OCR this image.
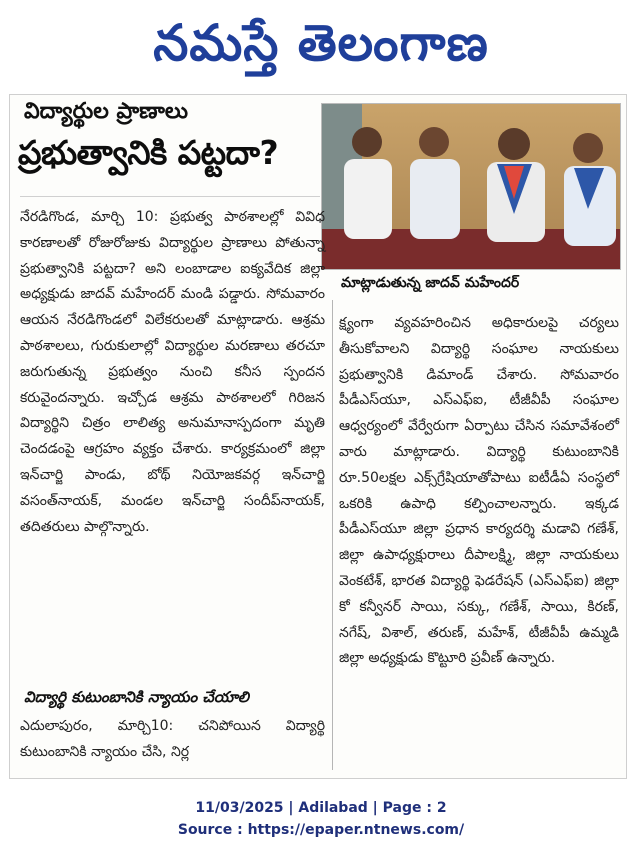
నమస్తే తెలంగాణ
విద్యార్థుల ప్రాణాలు
ప్రభుత్వానికి పట్టదా?
మాట్లాడుతున్న జాదవ్ మహేందర్

నేరడిగొండ, మార్చి 10: ప్రభుత్వ పాఠశాలల్లో వివిధ కారణాలతో రోజురోజుకు విద్యార్థుల ప్రాణాలు పోతున్నా ప్రభుత్వానికి పట్టదా? అని లంబాడాల ఐక్యవేదిక జిల్లా అధ్యక్షుడు జాదవ్ మహేందర్ మండి పడ్డారు. సోమవారం ఆయన నేరడిగొండలో విలేకరులతో మాట్లాడారు. ఆశ్రమ పాఠశాలలు, గురుకులాల్లో విద్యార్థుల మరణాలు తరచూ జరుగుతున్న ప్రభుత్వం నుంచి కనీస స్పందన కరువైందన్నారు. ఇచ్చోడ ఆశ్రమ పాఠశాలలో గిరిజన విద్యార్థిని చిత్రం లాలిత్య అనుమానాస్పదంగా మృతి చెందడంపై ఆగ్రహం వ్యక్తం చేశారు. కార్యక్రమంలో జిల్లా ఇన్‌చార్జి పాండు, బోథ్ నియోజకవర్గ ఇన్‌చార్జి వసంత్‌నాయక్, మండల ఇన్‌చార్జి సందీప్‌నాయక్, తదితరులు పాల్గొన్నారు.

విద్యార్థి కుటుంబానికి న్యాయం చేయాలి

ఎదులాపురం, మార్చి10: చనిపోయిన విద్యార్థి కుటుంబానికి న్యాయం చేసి, నిర్ల

క్ష్యంగా వ్యవహరించిన అధికారులపై చర్యలు తీసుకోవాలని విద్యార్థి సంఘాల నాయకులు ప్రభుత్వానికి డిమాండ్ చేశారు. సోమవారం పీడీఎస్‌యూ, ఎస్ఎఫ్ఐ, టీజీవీపీ సంఘాల ఆధ్వర్యంలో వేర్వేరుగా ఏర్పాటు చేసిన సమావేశంలో వారు మాట్లాడారు. విద్యార్థి కుటుంబానికి రూ.50లక్షల ఎక్స్‌గ్రేషియాతోపాటు ఐటీడీఏ సంస్థలో ఒకరికి ఉపాధి కల్పించాలన్నారు. ఇక్కడ పీడీఎస్‌యూ జిల్లా ప్రధాన కార్యదర్శి మడావి గణేశ్, జిల్లా ఉపాధ్యక్షురాలు దీపాలక్ష్మి, జిల్లా నాయకులు వెంకటేశ్, భారత విద్యార్థి ఫెడరేషన్ (ఎస్ఎఫ్ఐ) జిల్లా కో కన్వీనర్ సాయి, సక్కు, గణేశ్, సాయి, కిరణ్, నగేష్, విశాల్, తరుణ్, మహేశ్, టీజీవీపీ ఉమ్మడి జిల్లా అధ్యక్షుడు కొట్టూరి ప్రవీణ్ ఉన్నారు.

11/03/2025 | Adilabad | Page : 2
Source : https://epaper.ntnews.com/
